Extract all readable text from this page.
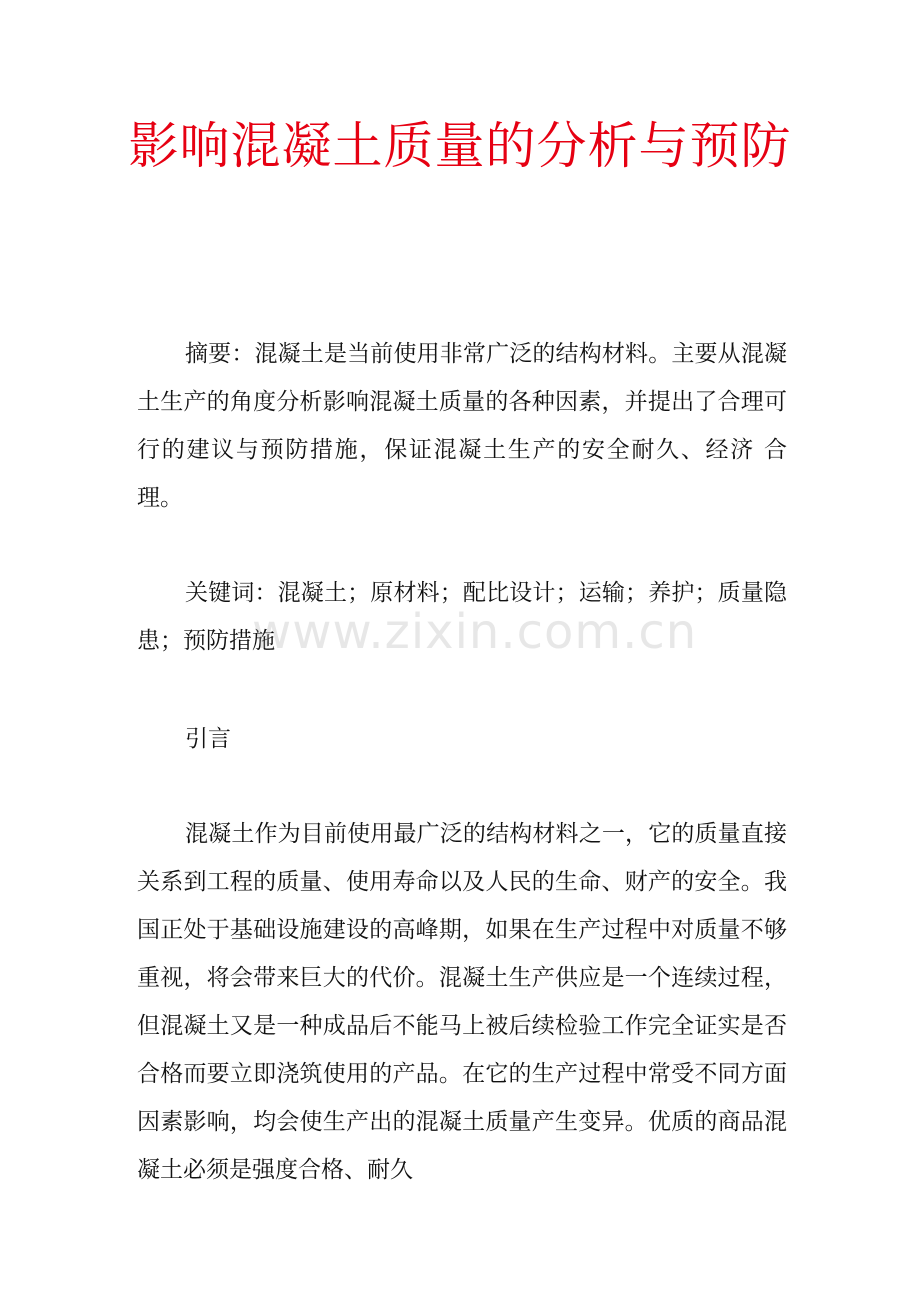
影响混凝土质量的分析与预防

摘要：混凝土是当前使用非常广泛的结构材料。主要从混凝土生产的角度分析影响混凝土质量的各种因素，并提出了合理可行的建议与预防措施，保证混凝土生产的安全耐久、经济 合理。

关键词：混凝土；原材料；配比设计；运输；养护；质量隐患；预防措施

引言

混凝土作为目前使用最广泛的结构材料之一，它的质量直接关系到工程的质量、使用寿命以及人民的生命、财产的安全。我国正处于基础设施建设的高峰期，如果在生产过程中对质量不够重视，将会带来巨大的代价。混凝土生产供应是一个连续过程，但混凝土又是一种成品后不能马上被后续检验工作完全证实是否合格而要立即浇筑使用的产品。在它的生产过程中常受不同方面因素影响，均会使生产出的混凝土质量产生变异。优质的商品混凝土必须是强度合格、耐久

www.zixin.com.cn
